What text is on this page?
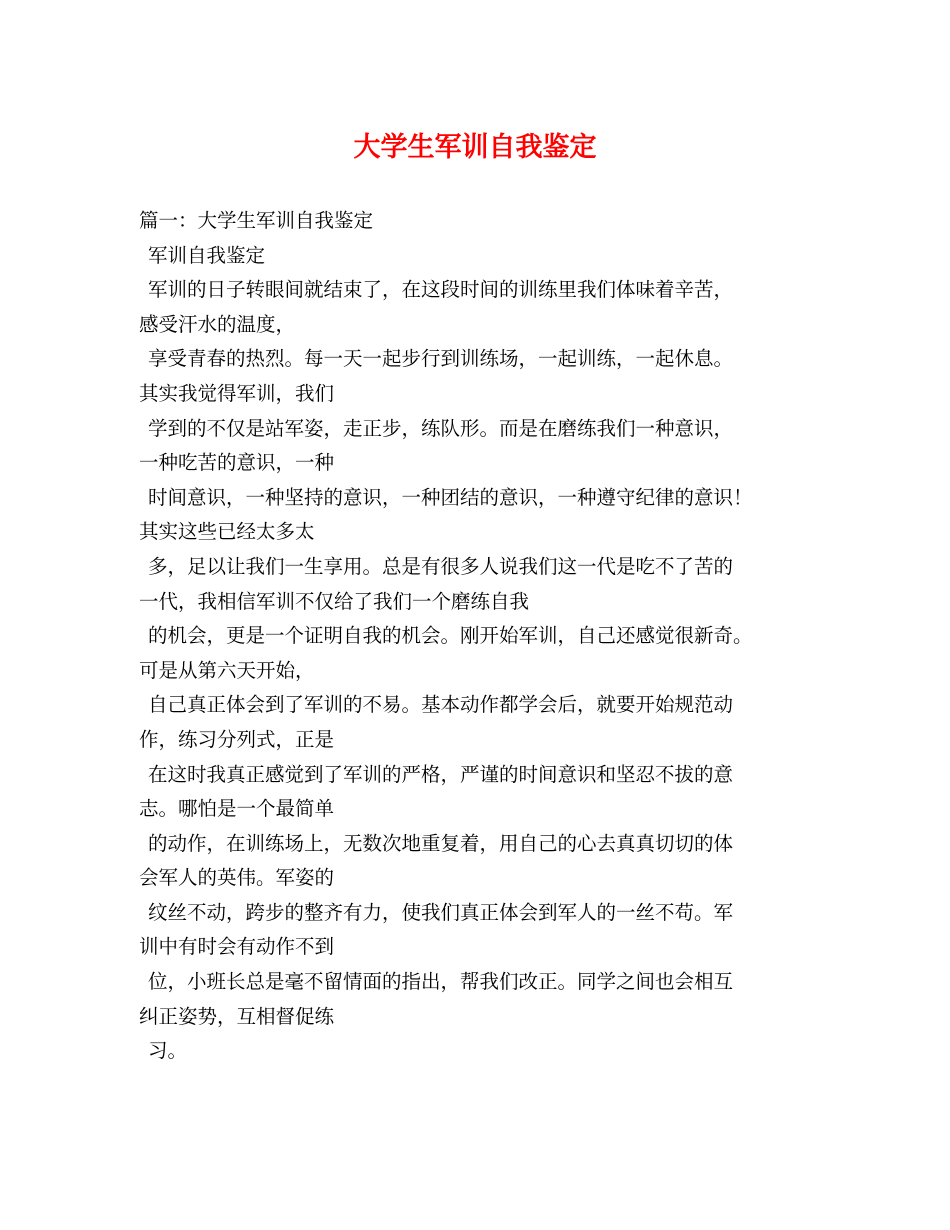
大学生军训自我鉴定
篇一：大学生军训自我鉴定
军训自我鉴定
军训的日子转眼间就结束了，在这段时间的训练里我们体味着辛苦，
感受汗水的温度，
享受青春的热烈。每一天一起步行到训练场，一起训练，一起休息。
其实我觉得军训，我们
学到的不仅是站军姿，走正步，练队形。而是在磨练我们一种意识，
一种吃苦的意识，一种
时间意识，一种坚持的意识，一种团结的意识，一种遵守纪律的意识！
其实这些已经太多太
多，足以让我们一生享用。总是有很多人说我们这一代是吃不了苦的
一代，我相信军训不仅给了我们一个磨练自我
的机会，更是一个证明自我的机会。刚开始军训，自己还感觉很新奇。
可是从第六天开始，
自己真正体会到了军训的不易。基本动作都学会后，就要开始规范动
作，练习分列式，正是
在这时我真正感觉到了军训的严格，严谨的时间意识和坚忍不拔的意
志。哪怕是一个最简单
的动作，在训练场上，无数次地重复着，用自己的心去真真切切的体
会军人的英伟。军姿的
纹丝不动，跨步的整齐有力，使我们真正体会到军人的一丝不苟。军
训中有时会有动作不到
位，小班长总是毫不留情面的指出，帮我们改正。同学之间也会相互
纠正姿势，互相督促练
习。
